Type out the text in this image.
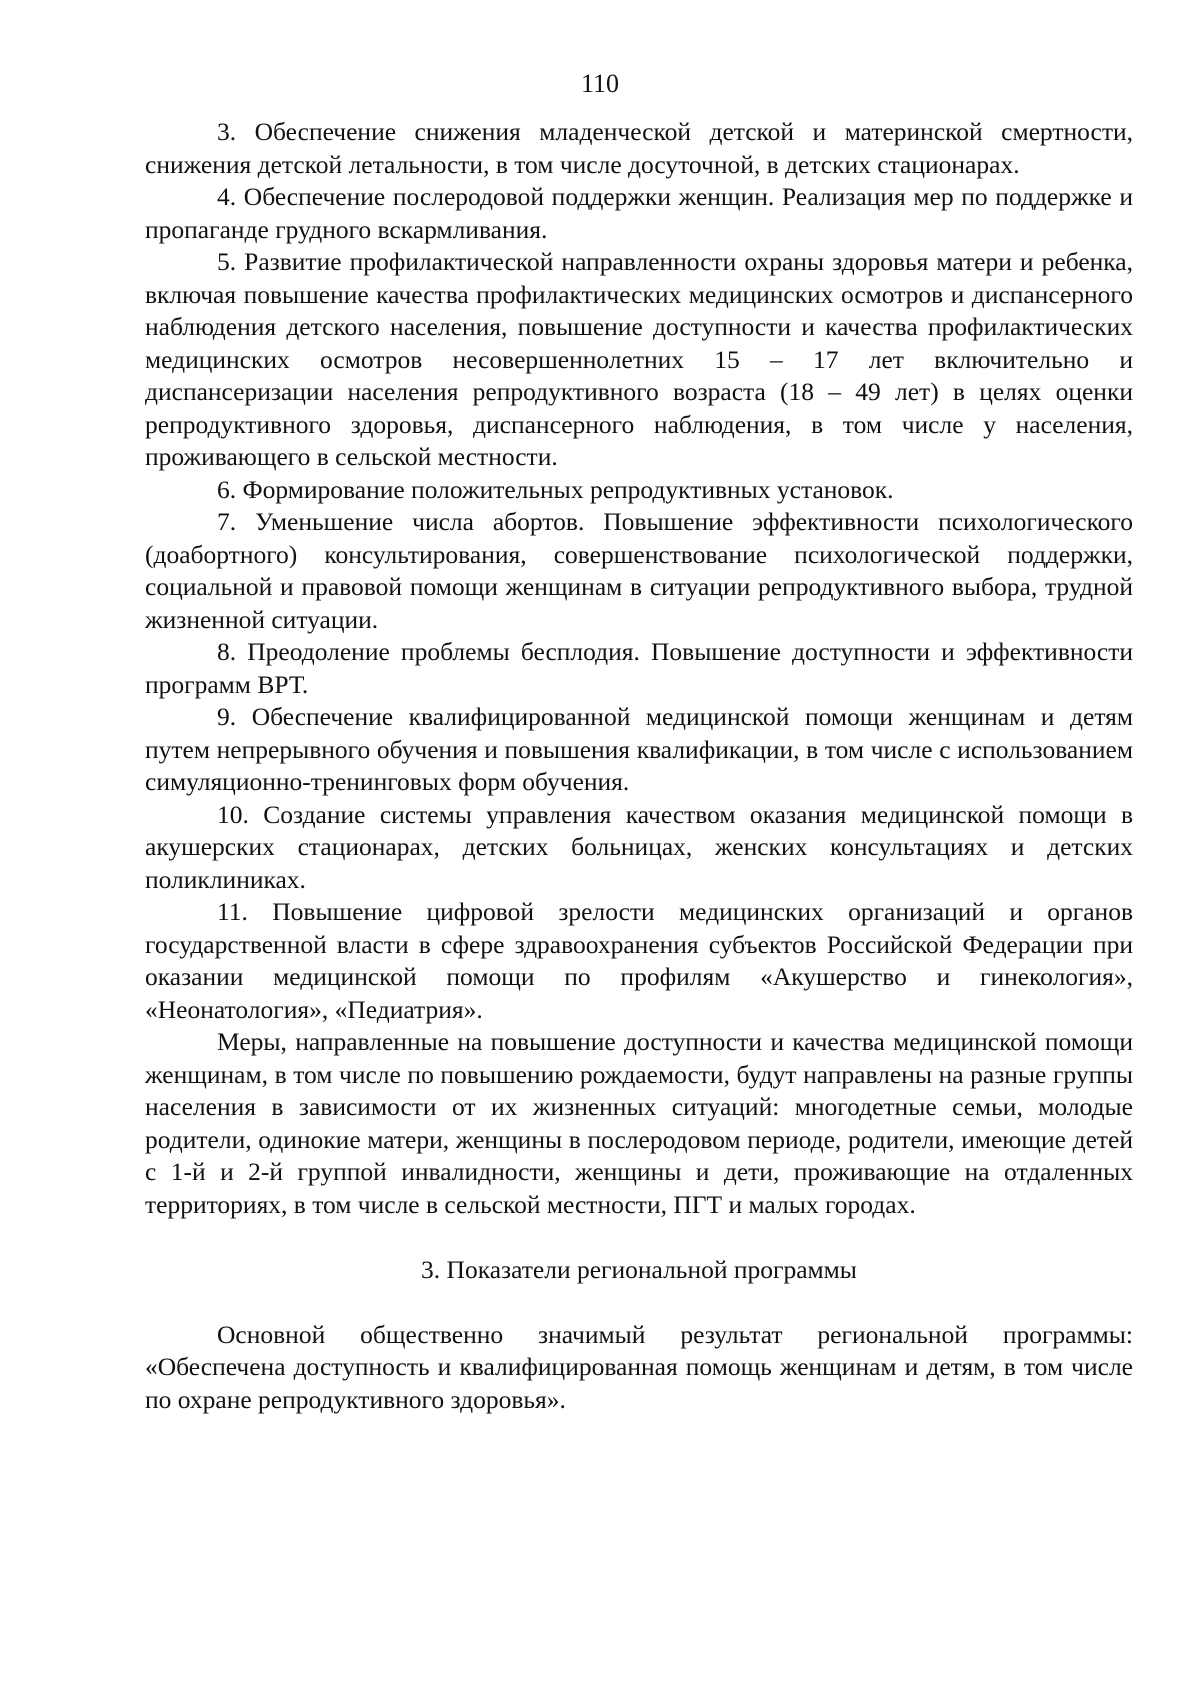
110

3. Обеспечение снижения младенческой детской и материнской смертности, снижения детской летальности, в том числе досуточной, в детских стационарах.

4. Обеспечение послеродовой поддержки женщин. Реализация мер по поддержке и пропаганде грудного вскармливания.

5. Развитие профилактической направленности охраны здоровья матери и ребенка, включая повышение качества профилактических медицинских осмотров и диспансерного наблюдения детского населения, повышение доступности и качества профилактических медицинских осмотров несовершеннолетних 15 – 17 лет включительно и диспансеризации населения репродуктивного возраста (18 – 49 лет) в целях оценки репродуктивного здоровья, диспансерного наблюдения, в том числе у населения, проживающего в сельской местности.

6. Формирование положительных репродуктивных установок.

7. Уменьшение числа абортов. Повышение эффективности психологического (доабортного) консультирования, совершенствование психологической поддержки, социальной и правовой помощи женщинам в ситуации репродуктивного выбора, трудной жизненной ситуации.

8. Преодоление проблемы бесплодия. Повышение доступности и эффективности программ ВРТ.

9. Обеспечение квалифицированной медицинской помощи женщинам и детям путем непрерывного обучения и повышения квалификации, в том числе с использованием симуляционно-тренинговых форм обучения.

10. Создание системы управления качеством оказания медицинской помощи в акушерских стационарах, детских больницах, женских консультациях и детских поликлиниках.

11. Повышение цифровой зрелости медицинских организаций и органов государственной власти в сфере здравоохранения субъектов Российской Федерации при оказании медицинской помощи по профилям «Акушерство и гинекология», «Неонатология», «Педиатрия».

Меры, направленные на повышение доступности и качества медицинской помощи женщинам, в том числе по повышению рождаемости, будут направлены на разные группы населения в зависимости от их жизненных ситуаций: многодетные семьи, молодые родители, одинокие матери, женщины в послеродовом периоде, родители, имеющие детей с 1-й и 2-й группой инвалидности, женщины и дети, проживающие на отдаленных территориях, в том числе в сельской местности, ПГТ и малых городах.

3. Показатели региональной программы

Основной общественно значимый результат региональной программы: «Обеспечена доступность и квалифицированная помощь женщинам и детям, в том числе по охране репродуктивного здоровья».
